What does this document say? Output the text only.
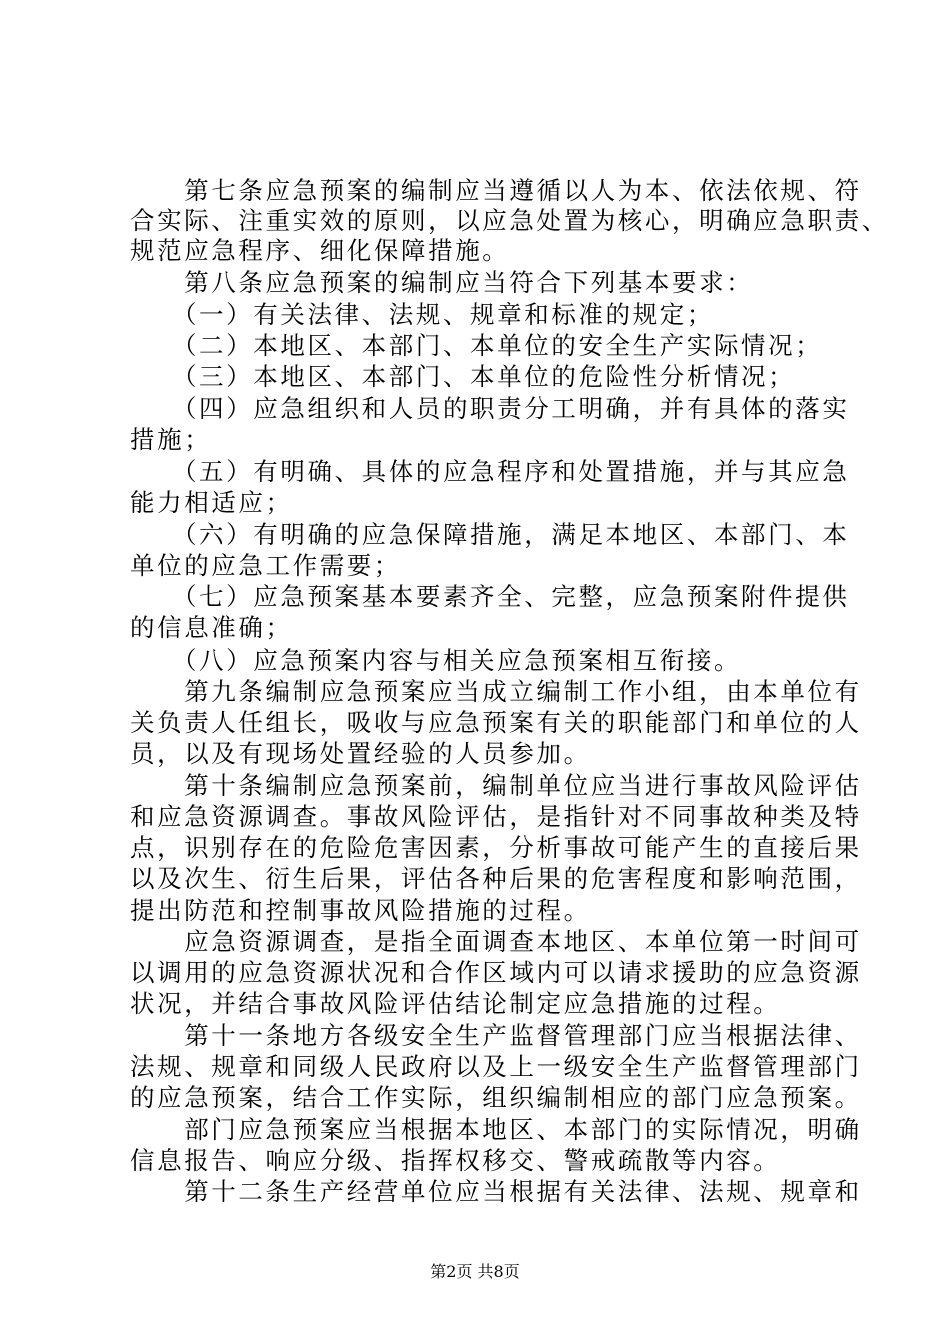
　　第七条应急预案的编制应当遵循以人为本、依法依规、符
合实际、注重实效的原则，以应急处置为核心，明确应急职责、
规范应急程序、细化保障措施。
　　第八条应急预案的编制应当符合下列基本要求：
　　（一）有关法律、法规、规章和标准的规定；
　　（二）本地区、本部门、本单位的安全生产实际情况；
　　（三）本地区、本部门、本单位的危险性分析情况；
　　（四）应急组织和人员的职责分工明确，并有具体的落实
措施；
　　（五）有明确、具体的应急程序和处置措施，并与其应急
能力相适应；
　　（六）有明确的应急保障措施，满足本地区、本部门、本
单位的应急工作需要；
　　（七）应急预案基本要素齐全、完整，应急预案附件提供
的信息准确；
　　（八）应急预案内容与相关应急预案相互衔接。
　　第九条编制应急预案应当成立编制工作小组，由本单位有
关负责人任组长，吸收与应急预案有关的职能部门和单位的人
员，以及有现场处置经验的人员参加。
　　第十条编制应急预案前，编制单位应当进行事故风险评估
和应急资源调查。事故风险评估，是指针对不同事故种类及特
点，识别存在的危险危害因素，分析事故可能产生的直接后果
以及次生、衍生后果，评估各种后果的危害程度和影响范围，
提出防范和控制事故风险措施的过程。
　　应急资源调查，是指全面调查本地区、本单位第一时间可
以调用的应急资源状况和合作区域内可以请求援助的应急资源
状况，并结合事故风险评估结论制定应急措施的过程。
　　第十一条地方各级安全生产监督管理部门应当根据法律、
法规、规章和同级人民政府以及上一级安全生产监督管理部门
的应急预案，结合工作实际，组织编制相应的部门应急预案。
　　部门应急预案应当根据本地区、本部门的实际情况，明确
信息报告、响应分级、指挥权移交、警戒疏散等内容。
　　第十二条生产经营单位应当根据有关法律、法规、规章和
第2页 共8页
